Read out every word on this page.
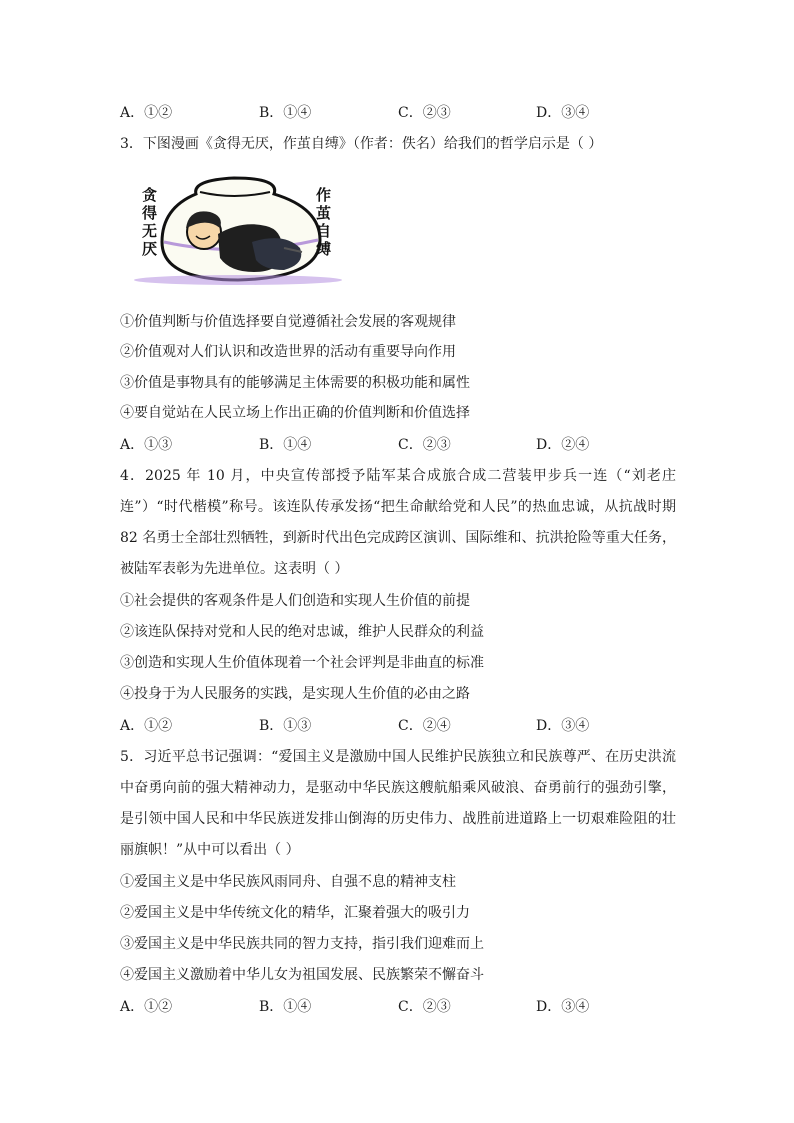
A．①②	B．①④	C．②③	D．③④
3．下图漫画《贪得无厌，作茧自缚》（作者：佚名）给我们的哲学启示是（ ）
贪
得
无
厌
作
茧
自
缚
①价值判断与价值选择要自觉遵循社会发展的客观规律
②价值观对人们认识和改造世界的活动有重要导向作用
③价值是事物具有的能够满足主体需要的积极功能和属性
④要自觉站在人民立场上作出正确的价值判断和价值选择
A．①③	B．①④	C．②③	D．②④
4．2025 年 10 月，中央宣传部授予陆军某合成旅合成二营装甲步兵一连（“刘老庄连”）“时代楷模”称号。该连队传承发扬“把生命献给党和人民”的热血忠诚，从抗战时期 82 名勇士全部壮烈牺牲，到新时代出色完成跨区演训、国际维和、抗洪抢险等重大任务， 被陆军表彰为先进单位。这表明（ ）
①社会提供的客观条件是人们创造和实现人生价值的前提
②该连队保持对党和人民的绝对忠诚，维护人民群众的利益
③创造和实现人生价值体现着一个社会评判是非曲直的标准
④投身于为人民服务的实践，是实现人生价值的必由之路
A．①②	B．①③	C．②④	D．③④
5．习近平总书记强调：“爱国主义是激励中国人民维护民族独立和民族尊严、在历史洪流中奋勇向前的强大精神动力，是驱动中华民族这艘航船乘风破浪、奋勇前行的强劲引擎， 是引领中国人民和中华民族迸发排山倒海的历史伟力、战胜前进道路上一切艰难险阻的壮丽旗帜！”从中可以看出（ ）
①爱国主义是中华民族风雨同舟、自强不息的精神支柱
②爱国主义是中华传统文化的精华，汇聚着强大的吸引力
③爱国主义是中华民族共同的智力支持，指引我们迎难而上
④爱国主义激励着中华儿女为祖国发展、民族繁荣不懈奋斗
A．①②	B．①④	C．②③	D．③④
